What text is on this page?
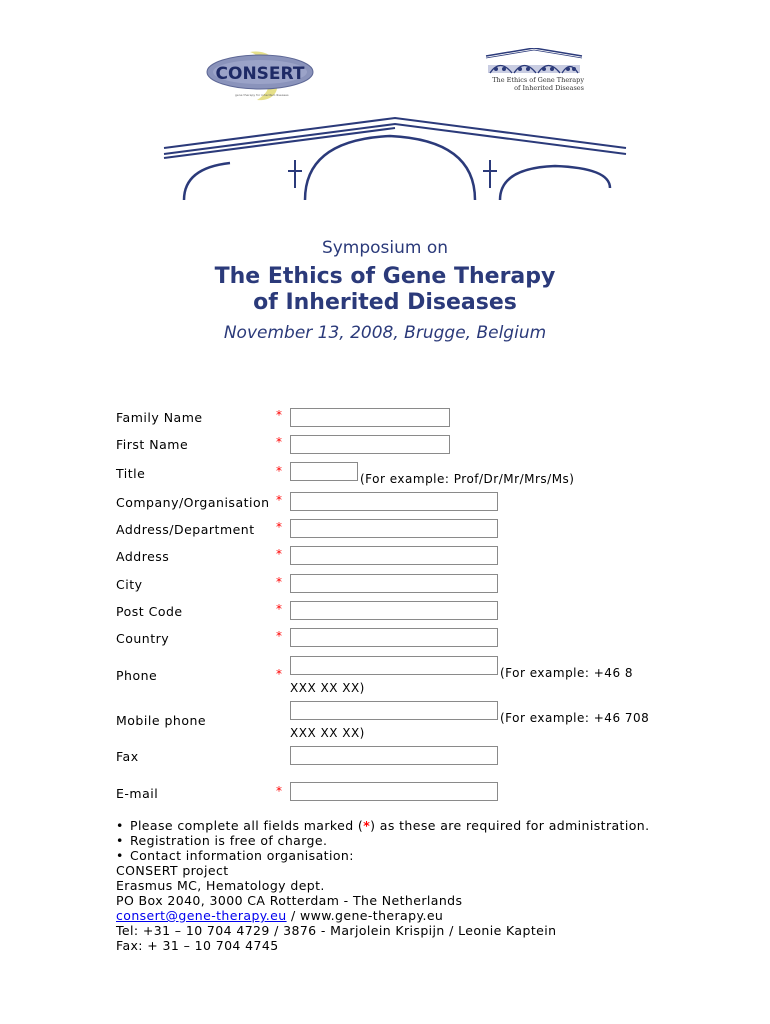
CONSERT
gene therapy for inherited diseases
The Ethics of Gene Therapy
of Inherited Diseases
Symposium on
The Ethics of Gene Therapy
of Inherited Diseases
November 13, 2008, Brugge, Belgium
Family Name	*
First Name	*
Title	*
(For example: Prof/Dr/Mr/Mrs/Ms)
Company/Organisation *
Address/Department *
Address	*
City	*
Post Code	*
Country	*
Phone	*	(For example: +46 8
XXX XX XX)
Mobile phone	(For example: +46 708
XXX XX XX)
Fax
E-mail	*
• Please complete all fields marked (*) as these are required for administration.
• Registration is free of charge.
• Contact information organisation:
CONSERT project
Erasmus MC, Hematology dept.
PO Box 2040, 3000 CA Rotterdam - The Netherlands
consert@gene-therapy.eu / www.gene-therapy.eu
Tel: +31 – 10 704 4729 / 3876 - Marjolein Krispijn / Leonie Kaptein
Fax: + 31 – 10 704 4745
